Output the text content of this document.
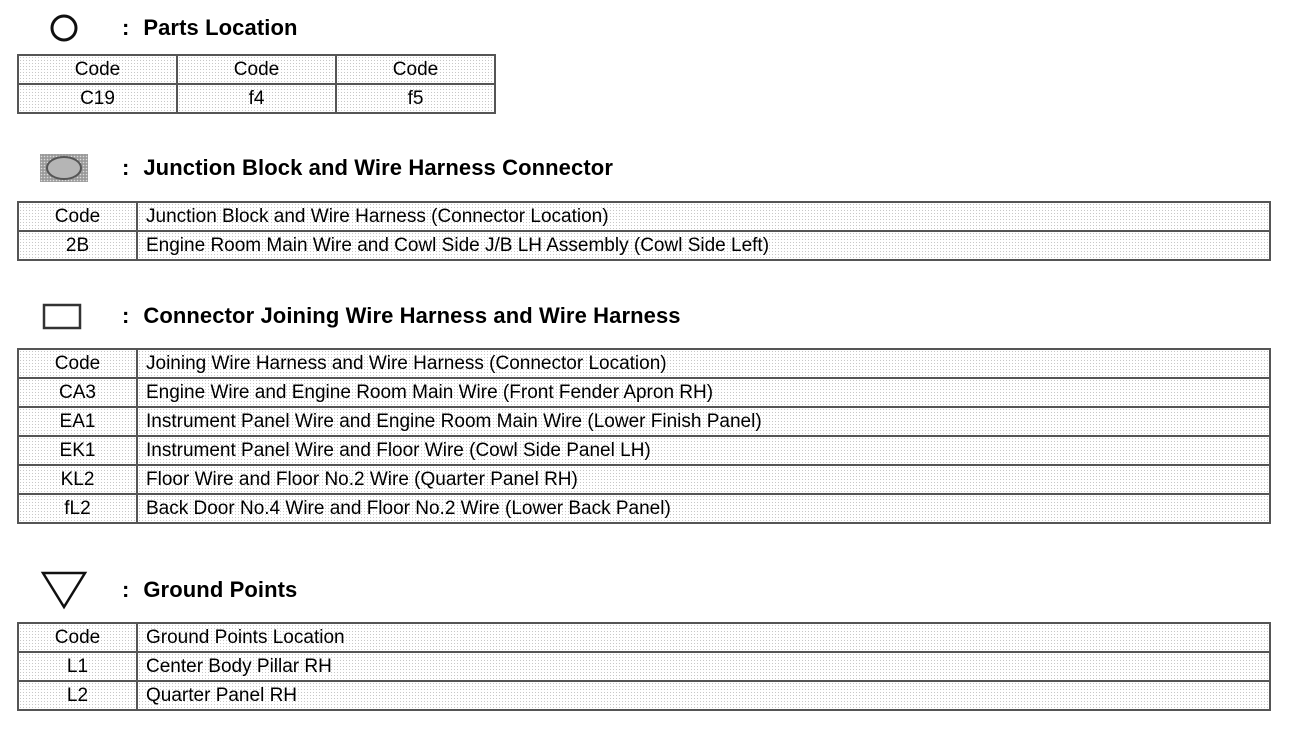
: Parts Location
Code	Code	Code
C19	f4	f5
: Junction Block and Wire Harness Connector
Code	Junction Block and Wire Harness (Connector Location)
2B	Engine Room Main Wire and Cowl Side J/B LH Assembly (Cowl Side Left)
: Connector Joining Wire Harness and Wire Harness
Code	Joining Wire Harness and Wire Harness (Connector Location)
CA3	Engine Wire and Engine Room Main Wire (Front Fender Apron RH)
EA1	Instrument Panel Wire and Engine Room Main Wire (Lower Finish Panel)
EK1	Instrument Panel Wire and Floor Wire (Cowl Side Panel LH)
KL2	Floor Wire and Floor No.2 Wire (Quarter Panel RH)
fL2	Back Door No.4 Wire and Floor No.2 Wire (Lower Back Panel)
: Ground Points
Code	Ground Points Location
L1	Center Body Pillar RH
L2	Quarter Panel RH
